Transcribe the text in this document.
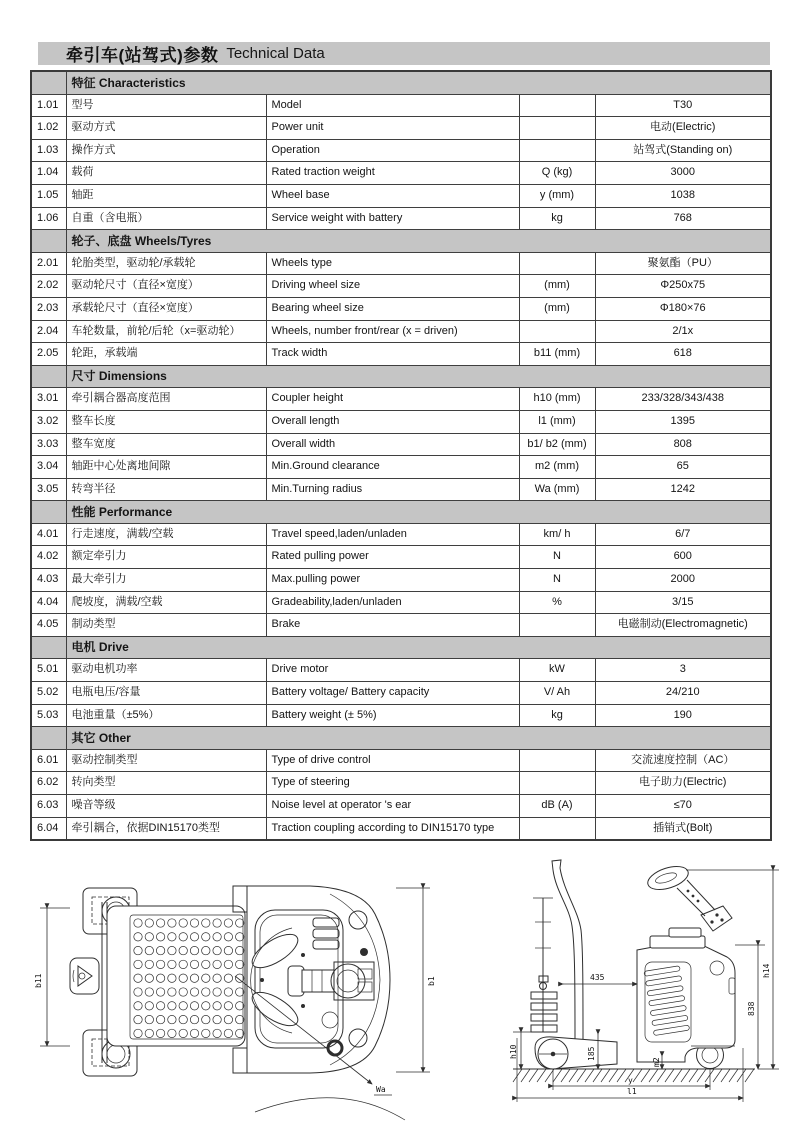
牵引车(站驾式)参数 Technical Data
	特征 Characteristics			
1.01	型号	Model		T30
1.02	驱动方式	Power unit		电动(Electric)
1.03	操作方式	Operation		站驾式(Standing on)
1.04	载荷	Rated traction weight	Q (kg)	3000
1.05	轴距	Wheel base	y (mm)	1038
1.06	自重（含电瓶）	Service weight with battery	kg	768
	轮子、底盘 Wheels/Tyres			
2.01	轮胎类型，驱动轮/承载轮	Wheels type		聚氨酯（PU）
2.02	驱动轮尺寸（直径×宽度）	Driving wheel size	(mm)	Φ250x75
2.03	承载轮尺寸（直径×宽度）	Bearing wheel size	(mm)	Φ180×76
2.04	车轮数量，前轮/后轮（x=驱动轮）	Wheels, number front/rear (x = driven)		2/1x
2.05	轮距，承载端	Track width	b11 (mm)	618
	尺寸 Dimensions			
3.01	牵引耦合器高度范围	Coupler height	h10 (mm)	233/328/343/438
3.02	整车长度	Overall length	l1 (mm)	1395
3.03	整车宽度	Overall width	b1/ b2 (mm)	808
3.04	轴距中心处离地间隙	Min.Ground clearance	m2 (mm)	65
3.05	转弯半径	Min.Turning radius	Wa (mm)	1242
	性能 Performance			
4.01	行走速度，满载/空载	Travel speed,laden/unladen	km/ h	6/7
4.02	额定牵引力	Rated pulling power	N	600
4.03	最大牵引力	Max.pulling power	N	2000
4.04	爬坡度，满载/空载	Gradeability,laden/unladen	%	3/15
4.05	制动类型	Brake		电磁制动(Electromagnetic)
	电机 Drive			
5.01	驱动电机功率	Drive motor	kW	3
5.02	电瓶电压/容量	Battery voltage/ Battery capacity	V/ Ah	24/210
5.03	电池重量（±5%）	Battery weight (± 5%)	kg	190
	其它 Other			
6.01	驱动控制类型	Type of drive control		交流速度控制（AC）
6.02	转向类型	Type of steering		电子助力(Electric)
6.03	噪音等级	Noise level at operator 's ear	dB (A)	≤70
6.04	牵引耦合，依据DIN15170类型	Traction coupling according to DIN15170 type		插销式(Bolt)
b11	b1
Wa
435
h10	185
m2
y
l1
838
h14
